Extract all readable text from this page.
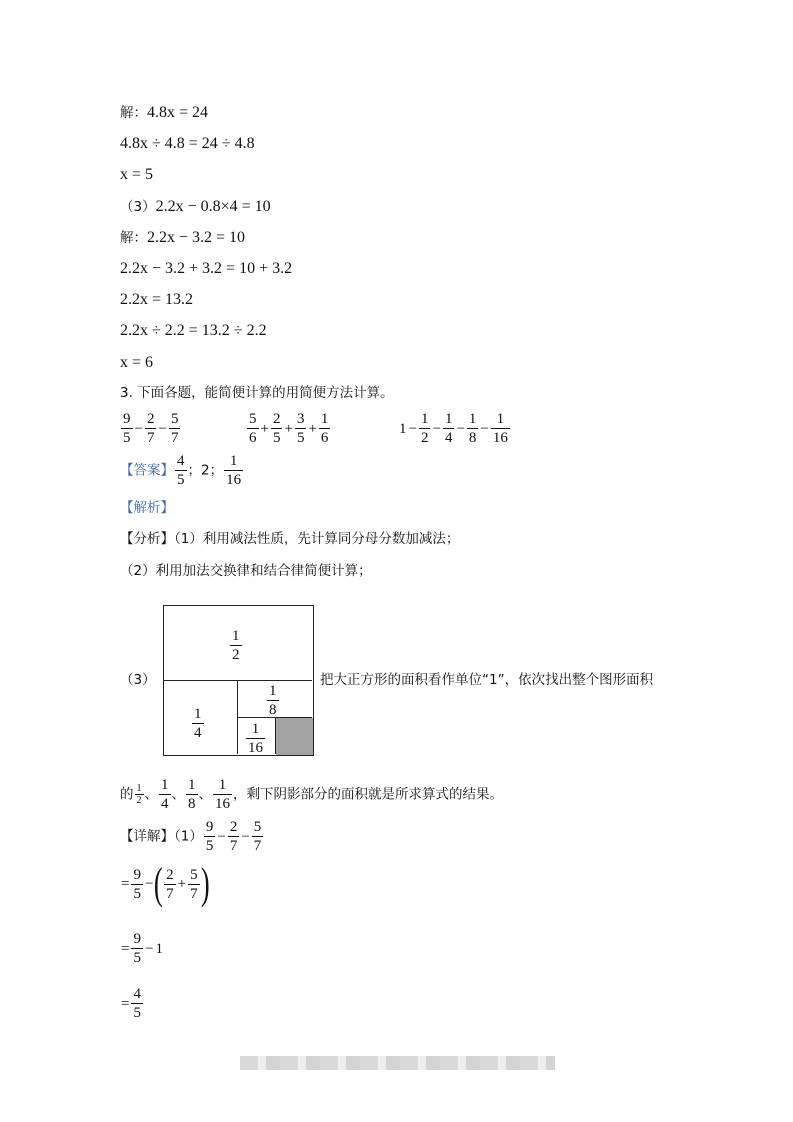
解：4.8x = 24
4.8x ÷ 4.8 = 24 ÷ 4.8
x = 5
（3）2.2x − 0.8×4 = 10
解：2.2x − 3.2 = 10
2.2x − 3.2 + 3.2 = 10 + 3.2
2.2x = 13.2
2.2x ÷ 2.2 = 13.2 ÷ 2.2
x = 6
3. 下面各题，能简便计算的用简便方法计算。
$\frac{9}{5} - \frac{2}{7} - \frac{5}{7}$	$\frac{5}{6} + \frac{2}{5} + \frac{3}{5} + \frac{1}{6}$	$1 - \frac{1}{2} - \frac{1}{4} - \frac{1}{8} - \frac{1}{16}$
【答案】 $\frac{4}{5}$ ；2； $\frac{1}{16}$
【解析】
【分析】（1）利用减法性质，先计算同分母分数加减法；
（2）利用加法交换律和结合律简便计算；
（3）
$\frac{1}{2}$
$\frac{1}{4}$
$\frac{1}{8}$
$\frac{1}{16}$
把大正方形的面积看作单位“1”，依次找出整个图形面积
的 $\frac{1}{2}$ 、 $\frac{1}{4}$ 、 $\frac{1}{8}$ 、 $\frac{1}{16}$ ，剩下阴影部分的面积就是所求算式的结果。
【详解】$(1) \frac{9}{5} - \frac{2}{7} - \frac{5}{7}$
= $\frac{9}{5}$ −( $\frac{2}{7} + \frac{5}{7}$ )
= $\frac{9}{5} - 1$
= $\frac{4}{5}$
